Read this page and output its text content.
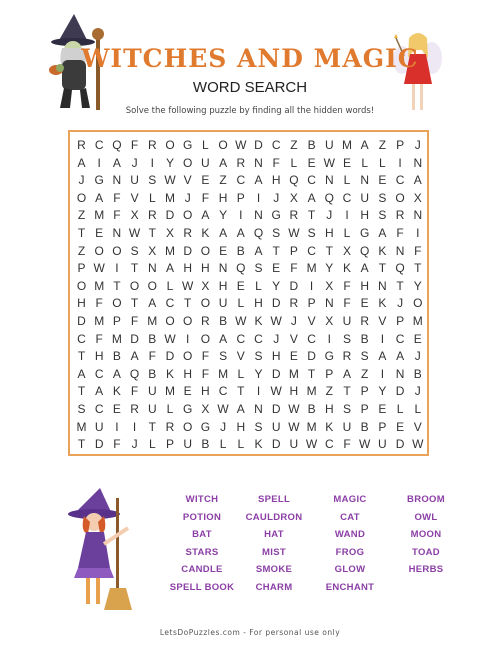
WITCHES AND MAGIC
WORD SEARCH
Solve the following puzzle by finding all the hidden words!
R C Q F R O G L O W D C Z B U M A Z P J
A	I	A J	I	Y O U A R N F L E W E L L	I N
J G N U S W V E Z C A H Q C N L N E C A
O A F V L M J F H P	I	J X A Q C U S O X
Z M F X R D O A Y	I N G R T J	I H S R N
T E N W T X R K A A Q S W S H L G A F	I
Z O O S X M D O E B A T P C T X Q K N F
P W I	T N A H H N Q S E F M Y K A T Q T
O M T O O L W X H E L Y D I	X F H N T Y
H F O T A C T O U L H D R P N F E K J O
D M P F M O O R B W K W J V X U R V P M
C F M D B W I O A C C J V C I	S B	I C E
T H B A F D O F S V S H E D G R S A A J
A C A Q B K H F M L Y D M T P A Z	I N B
T A K F U M E H C T	I W H M Z T P Y D J
S C E R U L G X W A N D W B H S P E L L
M U I	I	T R O G J H S U W M K U B P E V
T D F J L P U B L L K D U W C F W U D W
WITCH	SPELL	MAGIC	BROOM
POTION	CAULDRON	CAT	OWL
BAT	HAT	WAND	MOON
STARS	MIST	FROG	TOAD
CANDLE	SMOKE	GLOW	HERBS
SPELL BOOK	CHARM	ENCHANT
LetsDoPuzzles.com - For personal use only
